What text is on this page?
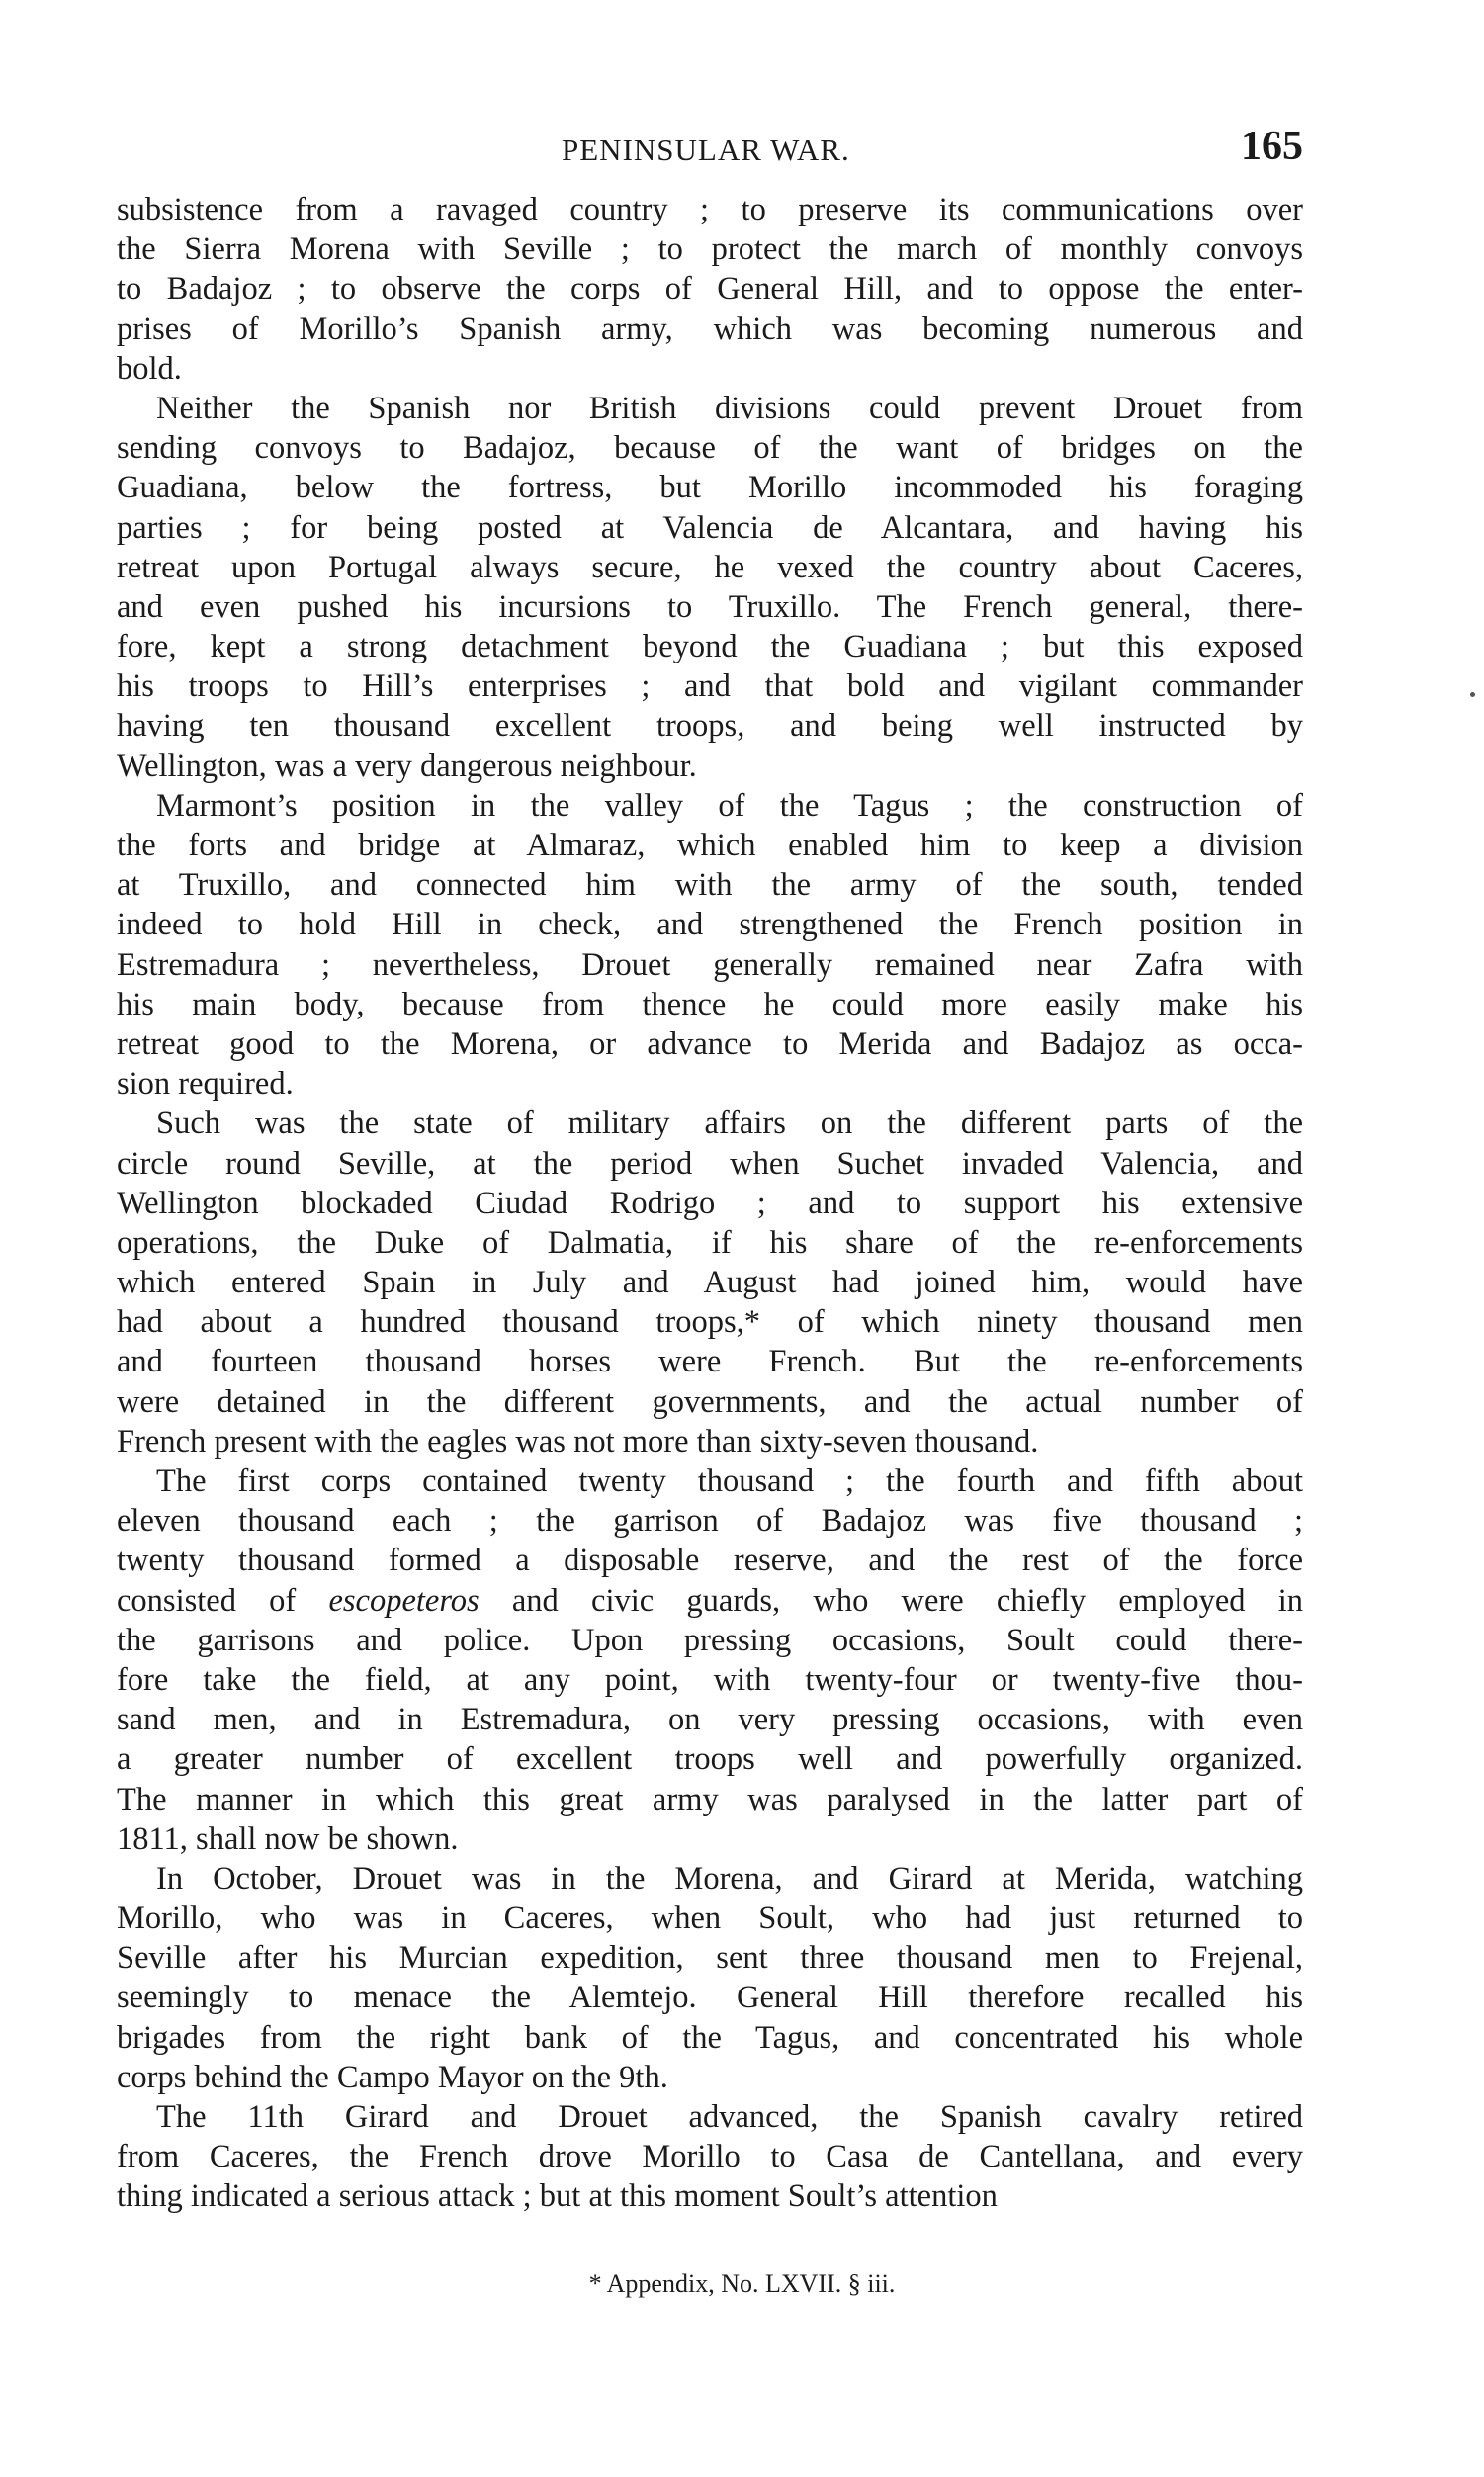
PENINSULAR WAR.	165
subsistence from a ravaged country ; to preserve its communications over
the Sierra Morena with Seville ; to protect the march of monthly convoys
to Badajoz ; to observe the corps of General Hill, and to oppose the enter-
prises of Morillo’s Spanish army, which was becoming numerous and
bold.
Neither the Spanish nor British divisions could prevent Drouet from
sending convoys to Badajoz, because of the want of bridges on the
Guadiana, below the fortress, but Morillo incommoded his foraging
parties ; for being posted at Valencia de Alcantara, and having his
retreat upon Portugal always secure, he vexed the country about Caceres,
and even pushed his incursions to Truxillo. The French general, there-
fore, kept a strong detachment beyond the Guadiana ; but this exposed
his troops to Hill’s enterprises ; and that bold and vigilant commander
having ten thousand excellent troops, and being well instructed by
Wellington, was a very dangerous neighbour.
Marmont’s position in the valley of the Tagus ; the construction of
the forts and bridge at Almaraz, which enabled him to keep a division
at Truxillo, and connected him with the army of the south, tended
indeed to hold Hill in check, and strengthened the French position in
Estremadura ; nevertheless, Drouet generally remained near Zafra with
his main body, because from thence he could more easily make his
retreat good to the Morena, or advance to Merida and Badajoz as occa-
sion required.
Such was the state of military affairs on the different parts of the
circle round Seville, at the period when Suchet invaded Valencia, and
Wellington blockaded Ciudad Rodrigo ; and to support his extensive
operations, the Duke of Dalmatia, if his share of the re-enforcements
which entered Spain in July and August had joined him, would have
had about a hundred thousand troops,* of which ninety thousand men
and fourteen thousand horses were French. But the re-enforcements
were detained in the different governments, and the actual number of
French present with the eagles was not more than sixty-seven thousand.
The first corps contained twenty thousand ; the fourth and fifth about
eleven thousand each ; the garrison of Badajoz was five thousand ;
twenty thousand formed a disposable reserve, and the rest of the force
consisted of escopeteros and civic guards, who were chiefly employed in
the garrisons and police. Upon pressing occasions, Soult could there-
fore take the field, at any point, with twenty-four or twenty-five thou-
sand men, and in Estremadura, on very pressing occasions, with even
a greater number of excellent troops well and powerfully organized.
The manner in which this great army was paralysed in the latter part of
1811, shall now be shown.
In October, Drouet was in the Morena, and Girard at Merida, watching
Morillo, who was in Caceres, when Soult, who had just returned to
Seville after his Murcian expedition, sent three thousand men to Frejenal,
seemingly to menace the Alemtejo. General Hill therefore recalled his
brigades from the right bank of the Tagus, and concentrated his whole
corps behind the Campo Mayor on the 9th.
The 11th Girard and Drouet advanced, the Spanish cavalry retired
from Caceres, the French drove Morillo to Casa de Cantellana, and every
thing indicated a serious attack ; but at this moment Soult’s attention
* Appendix, No. LXVII. § iii.
